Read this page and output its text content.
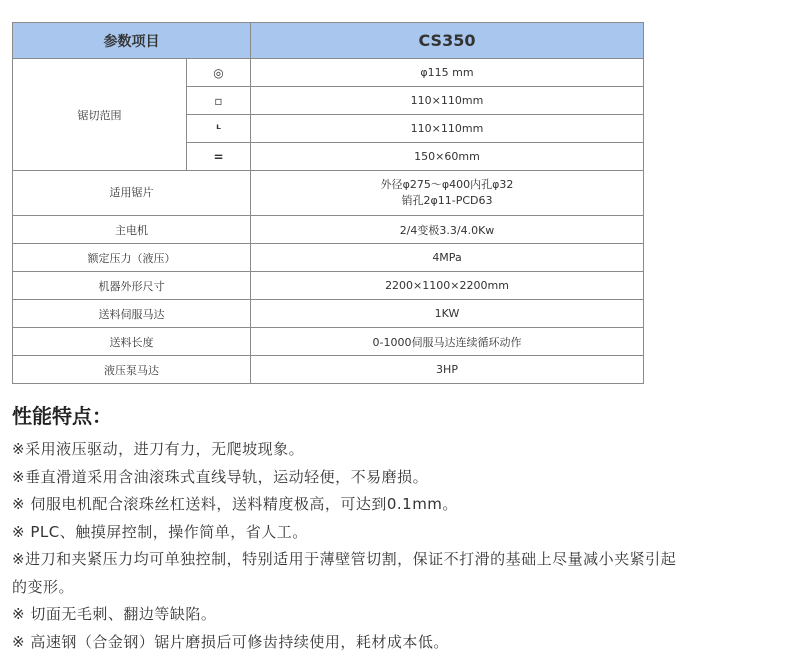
参数项目		CS350
锯切范围	◎	φ115 mm
	▫	110×110mm
	ᴸ	110×110mm
	=	150×60mm
适用锯片		外径φ275～φ400内孔φ32
销孔2φ11-PCD63

主电机		2/4变极3.3/4.0Kw
额定压力（液压）		4MPa
机器外形尺寸		2200×1100×2200mm
送料伺服马达		1KW
送料长度		0-1000伺服马达连续循环动作
液压泵马达		3HP
性能特点：

※采用液压驱动，进刀有力，无爬坡现象。

※垂直滑道采用含油滚珠式直线导轨，运动轻便，不易磨损。

※ 伺服电机配合滚珠丝杠送料，送料精度极高，可达到0.1mm。

※ PLC、触摸屏控制，操作简单，省人工。

※进刀和夹紧压力均可单独控制，特别适用于薄壁管切割，保证不打滑的基础上尽量减小夹紧引起

的变形。

※ 切面无毛刺、翻边等缺陷。

※ 高速钢（合金钢）锯片磨损后可修齿持续使用，耗材成本低。
